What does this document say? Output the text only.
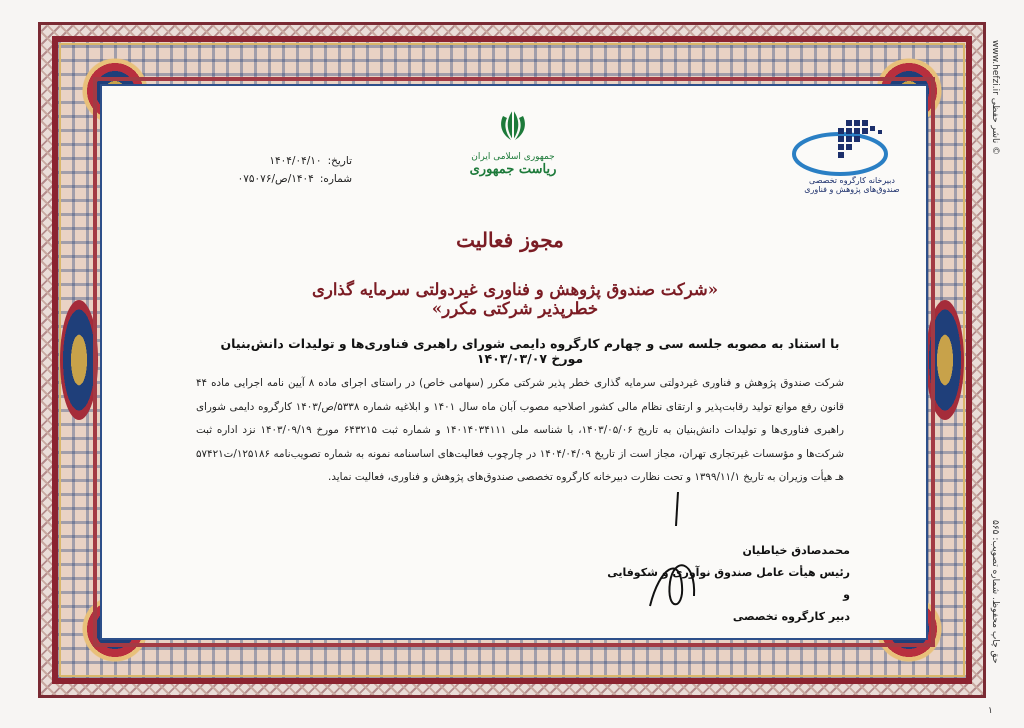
تاریخ:
۱۴۰۴/۰۴/۱۰
شماره:
۱۴۰۴/ص/۰۷۵۰۷۶
جمهوری اسلامی ایران
ریاست جمهوری
دبیرخانه کارگروه تخصصی صندوق‌های پژوهش و فناوری
مجوز فعالیت
«شرکت صندوق پژوهش و فناوری غیردولتی سرمایه گذاری خطرپذیر شرکتی مکرر»
با استناد به مصوبه جلسه سی و چهارم کارگروه دایمی شورای راهبری فناوری‌ها و تولیدات دانش‌بنیان مورخ ۱۴۰۳/۰۳/۰۷
شرکت صندوق پژوهش و فناوری غیردولتی سرمایه گذاری خطر پذیر شرکتی مکرر (سهامی خاص) در راستای اجرای ماده ۸ آیین نامه اجرایی ماده ۴۴ قانون رفع موانع تولید رقابت‌پذیر و ارتقای نظام مالی کشور اصلاحیه مصوب آبان ماه سال ۱۴۰۱ و ابلاغیه شماره ۵۳۳۸/ص/۱۴۰۳ کارگروه دایمی شورای راهبری فناوری‌ها و تولیدات دانش‌بنیان به تاریخ ۱۴۰۳/۰۵/۰۶، با شناسه ملی ۱۴۰۱۴۰۳۴۱۱۱ و شماره ثبت ۶۴۳۲۱۵ مورخ ۱۴۰۳/۰۹/۱۹ نزد اداره ثبت شرکت‌ها و مؤسسات غیرتجاری تهران، مجاز است از تاریخ ۱۴۰۴/۰۴/۰۹ در چارچوب فعالیت‌های اساسنامه نمونه به شماره تصویب‌نامه ۱۲۵۱۸۶/ت۵۷۴۲۱ هـ هیأت وزیران به تاریخ ۱۳۹۹/۱۱/۱ و تحت نظارت دبیرخانه کارگروه تخصصی صندوق‌های پژوهش و فناوری، فعالیت نماید.
محمدصادق خیاطیان
رئیس هیأت عامل صندوق نوآوری و شکوفایی و
دبیر کارگروه تخصصی
www.hefzi.ir ناشر حفظی ©
حق چاپ محفوظ. شماره تصویب: ۵۶۵
۱
